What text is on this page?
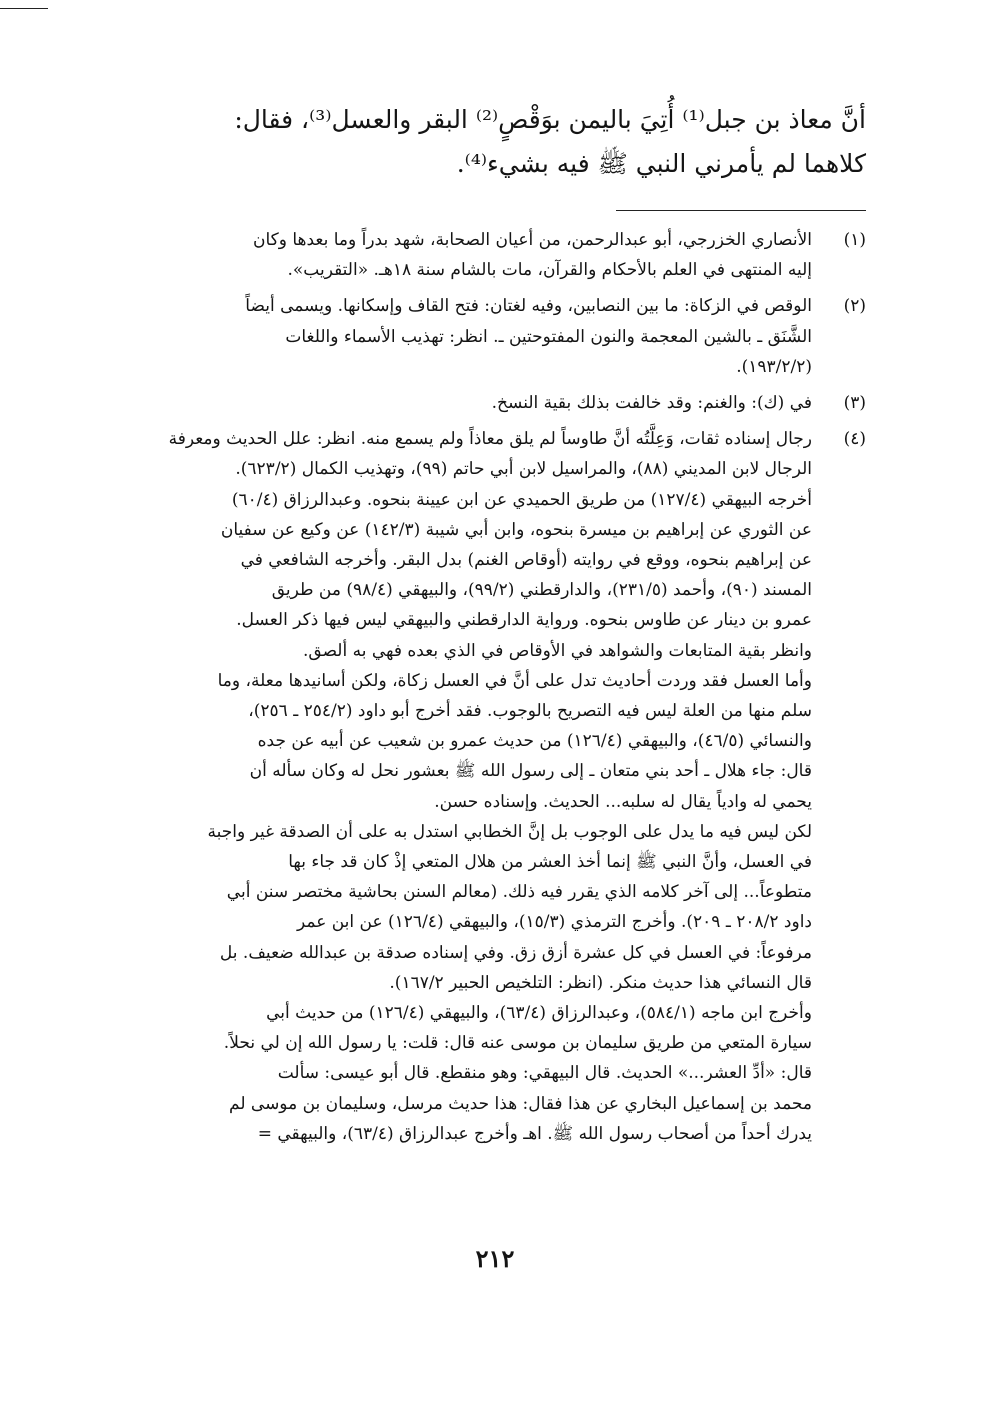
أنَّ معاذ بن جبل⁽¹⁾ أُتِيَ باليمن بوَقْصٍ⁽²⁾ البقر والعسل⁽³⁾، فقال:
كلاهما لم يأمرني النبي ﷺ فيه بشيء⁽⁴⁾.

(١)
الأنصاري الخزرجي، أبو عبدالرحمن، من أعيان الصحابة، شهد بدراً وما بعدها وكان
إليه المنتهى في العلم بالأحكام والقرآن، مات بالشام سنة ١٨هـ. «التقريب».
(٢)
الوقص في الزكاة: ما بين النصابين، وفيه لغتان: فتح القاف وإسكانها. ويسمى أيضاً
الشَّنَق ـ بالشين المعجمة والنون المفتوحتين ـ. انظر: تهذيب الأسماء واللغات
(١٩٣/٢/٢).
(٣)
في (ك): والغنم: وقد خالفت بذلك بقية النسخ.
(٤)
رجال إسناده ثقات، وَعِلَّتُه أنَّ طاوساً لم يلق معاذاً ولم يسمع منه. انظر: علل الحديث ومعرفة
الرجال لابن المديني (٨٨)، والمراسيل لابن أبي حاتم (٩٩)، وتهذيب الكمال (٦٢٣/٢).
أخرجه البيهقي (١٢٧/٤) من طريق الحميدي عن ابن عيينة بنحوه. وعبدالرزاق (٦٠/٤)
عن الثوري عن إبراهيم بن ميسرة بنحوه، وابن أبي شيبة (١٤٢/٣) عن وكيع عن سفيان
عن إبراهيم بنحوه، ووقع في روايته (أوقاص الغنم) بدل البقر. وأخرجه الشافعي في
المسند (٩٠)، وأحمد (٢٣١/٥)، والدارقطني (٩٩/٢)، والبيهقي (٩٨/٤) من طريق
عمرو بن دينار عن طاوس بنحوه. ورواية الدارقطني والبيهقي ليس فيها ذكر العسل.
وانظر بقية المتابعات والشواهد في الأوقاص في الذي بعده فهي به ألصق.
وأما العسل فقد وردت أحاديث تدل على أنَّ في العسل زكاة، ولكن أسانيدها معلة، وما
سلم منها من العلة ليس فيه التصريح بالوجوب. فقد أخرج أبو داود (٢٥٤/٢ ـ ٢٥٦)،
والنسائي (٤٦/٥)، والبيهقي (١٢٦/٤) من حديث عمرو بن شعيب عن أبيه عن جده
قال: جاء هلال ـ أحد بني متعان ـ إلى رسول الله ﷺ بعشور نحل له وكان سأله أن
يحمي له وادياً يقال له سلبه... الحديث. وإسناده حسن.
لكن ليس فيه ما يدل على الوجوب بل إنَّ الخطابي استدل به على أن الصدقة غير واجبة
في العسل، وأنَّ النبي ﷺ إنما أخذ العشر من هلال المتعي إذْ كان قد جاء بها
متطوعاً... إلى آخر كلامه الذي يقرر فيه ذلك. (معالم السنن بحاشية مختصر سنن أبي
داود ٢٠٨/٢ ـ ٢٠٩). وأخرج الترمذي (١٥/٣)، والبيهقي (١٢٦/٤) عن ابن عمر
مرفوعاً: في العسل في كل عشرة أزق زق. وفي إسناده صدقة بن عبدالله ضعيف. بل
قال النسائي هذا حديث منكر. (انظر: التلخيص الحبير ١٦٧/٢).
وأخرج ابن ماجه (٥٨٤/١)، وعبدالرزاق (٦٣/٤)، والبيهقي (١٢٦/٤) من حديث أبي
سيارة المتعي من طريق سليمان بن موسى عنه قال: قلت: يا رسول الله إن لي نحلاً.
قال: «أدِّ العشر...» الحديث. قال البيهقي: وهو منقطع. قال أبو عيسى: سألت
محمد بن إسماعيل البخاري عن هذا فقال: هذا حديث مرسل، وسليمان بن موسى لم
يدرك أحداً من أصحاب رسول الله ﷺ. اهـ وأخرج عبدالرزاق (٦٣/٤)، والبيهقي =
٢١٢
